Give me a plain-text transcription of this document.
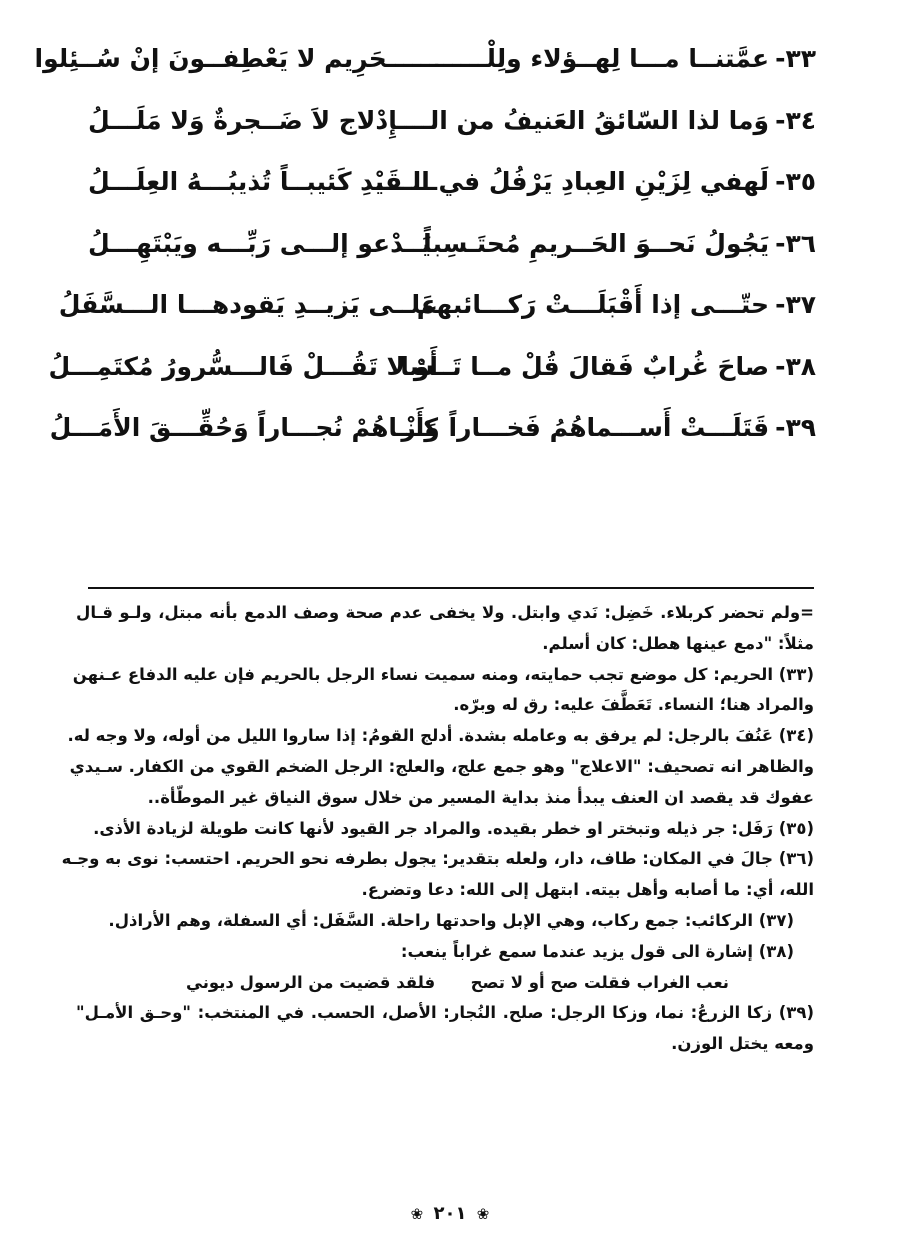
٣٣-عمَّتنــا مـــا لِهــؤلاء ولِلْــــــ
ــــــحَرِيم لا يَعْطِفــونَ إنْ سُــئِلوا
٣٤-وَما لذا السّائقُ العَنيفُ من الــــ
ــــإِدْلاج لاَ ضَــجرةٌ وَلا مَلَـــلُ
٣٥-لَهفي لِزَيْنِ العِبادِ يَرْفُلُ في الــــ
ــــقَيْدِ كَئيبــاً تُذيبُـــهُ العِلَـــلُ
٣٦-يَجُولُ نَحــوَ الحَــريمِ مُحتَـسِباً
يَــدْعو إلـــى رَبِّـــه ويَبْتَهِـــلُ
٣٧-حتّـــى إذا أَقْبَلَـــتْ رَكـــائبهم
عَلــى يَزيــدِ يَقودهـــا الـــسَّفَلُ
٣٨-صاحَ غُرابٌ فَقالَ قُلْ مــا تَــشا
أَوْ لا تَقُـــلْ فَالـــسُّرورُ مُكتَمِـــلُ
٣٩-قَتَلَـــتْ أَســـماهُمُ فَخـــاراً وَأَزْ
كـــاهُمْ نُجـــاراً وَحُقِّـــقَ الأَمَـــلُ
=ولم تحضر كربلاء. خَضِل: نَدي وابتل. ولا يخفى عدم صحة وصف الدمع بأنه مبتل، ولـو قـال
مثلاً: "دمع عينها هطل: كان أسلم.
(٣٣) الحريم: كل موضع تجب حمايته، ومنه سميت نساء الرجل بالحريم فإن عليه الدفاع عـنهن
والمراد هنا؛ النساء. تَعَطَّفَ عليه: رق له وبرّه.
(٣٤) عَنُفَ بالرجل: لم يرفق به وعامله بشدة. أدلج القومُ: إذا ساروا الليل من أوله، ولا وجه له.
والظاهر انه تصحيف: "الاعلاج" وهو جمع علج، والعلج: الرجل الضخم القوي من الكفار. سـيدي
عفوك قد يقصد ان العنف يبدأ منذ بداية المسير من خلال سوق النياق غير الموطّأة..
(٣٥) رَفَل: جر ذيله وتبختر او خطر بقيده. والمراد جر القيود لأنها كانت طويلة لزيادة الأذى.
(٣٦) جالَ في المكان: طاف، دار، ولعله بتقدير: يجول بطرفه نحو الحريم. احتسب: نوى به وجـه
الله، أي: ما أصابه وأهل بيته. ابتهل إلى الله: دعا وتضرع.
(٣٧) الركائب: جمع ركاب، وهي الإبل واحدتها راحلة. السَّفَل: أي السفلة، وهم الأراذل.
(٣٨) إشارة الى قول يزيد عندما سمع غراباً ينعب:
نعب الغراب فقلت صح أو لا تصح
فلقد قضيت من الرسول ديوني
(٣٩) زكا الزرعُ: نما، وزكا الرجل: صلح. النُجار: الأصل، الحسب. في المنتخب: "وحـق الأمـل"
ومعه يختل الوزن.
❀ ٢٠١ ❀
